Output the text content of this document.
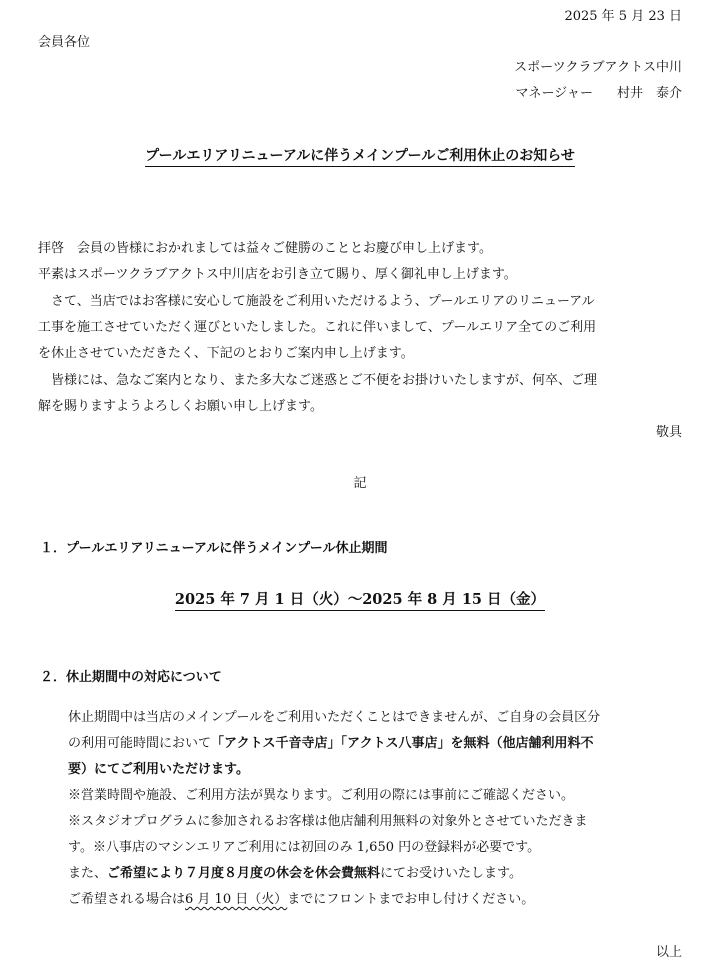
2025 年 5 月 23 日
会員各位
スポーツクラブアクトス中川
マネージャー 村井　泰介
プールエリアリニューアルに伴うメインプールご利用休止のお知らせ
拝啓　会員の皆様におかれましては益々ご健勝のこととお慶び申し上げます。
平素はスポーツクラブアクトス中川店をお引き立て賜り、厚く御礼申し上げます。
　さて、当店ではお客様に安心して施設をご利用いただけるよう、プールエリアのリニューアル
工事を施工させていただく運びといたしました。これに伴いまして、プールエリア全てのご利用
を休止させていただきたく、下記のとおりご案内申し上げます。
　皆様には、急なご案内となり、また多大なご迷惑とご不便をお掛けいたしますが、何卒、ご理
解を賜りますようよろしくお願い申し上げます。
敬具
記
１．プールエリアリニューアルに伴うメインプール休止期間
2025 年 7 月 1 日（火）～2025 年 8 月 15 日（金）
２．休止期間中の対応について
休止期間中は当店のメインプールをご利用いただくことはできませんが、ご自身の会員区分
の利用可能時間において「アクトス千音寺店」「アクトス八事店」を無料（他店舗利用料不
要）にてご利用いただけます。
※営業時間や施設、ご利用方法が異なります。ご利用の際には事前にご確認ください。
※スタジオプログラムに参加されるお客様は他店舗利用無料の対象外とさせていただきま
す。※八事店のマシンエリアご利用には初回のみ 1,650 円の登録料が必要です。
また、ご希望により７月度８月度の休会を休会費無料にてお受けいたします。
ご希望される場合は6 月 10 日（火）までにフロントまでお申し付けください。
以上
